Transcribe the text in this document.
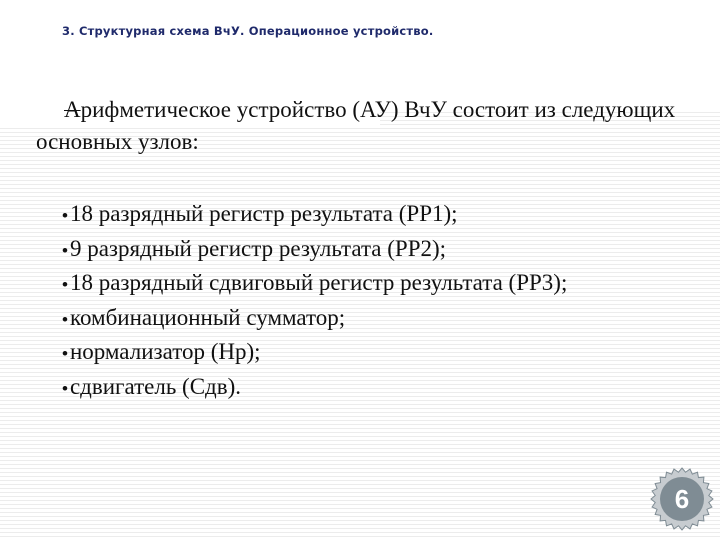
3. Структурная схема ВчУ. Операционное устройство.
Арифметическое устройство (АУ) ВчУ состоит из следующих основных узлов:
•18 разрядный регистр результата (РР1);
•9 разрядный регистр результата (РР2);
•18 разрядный сдвиговый регистр результата (РР3);
•комбинационный сумматор;
•нормализатор (Нр);
•сдвигатель (Сдв).
6
